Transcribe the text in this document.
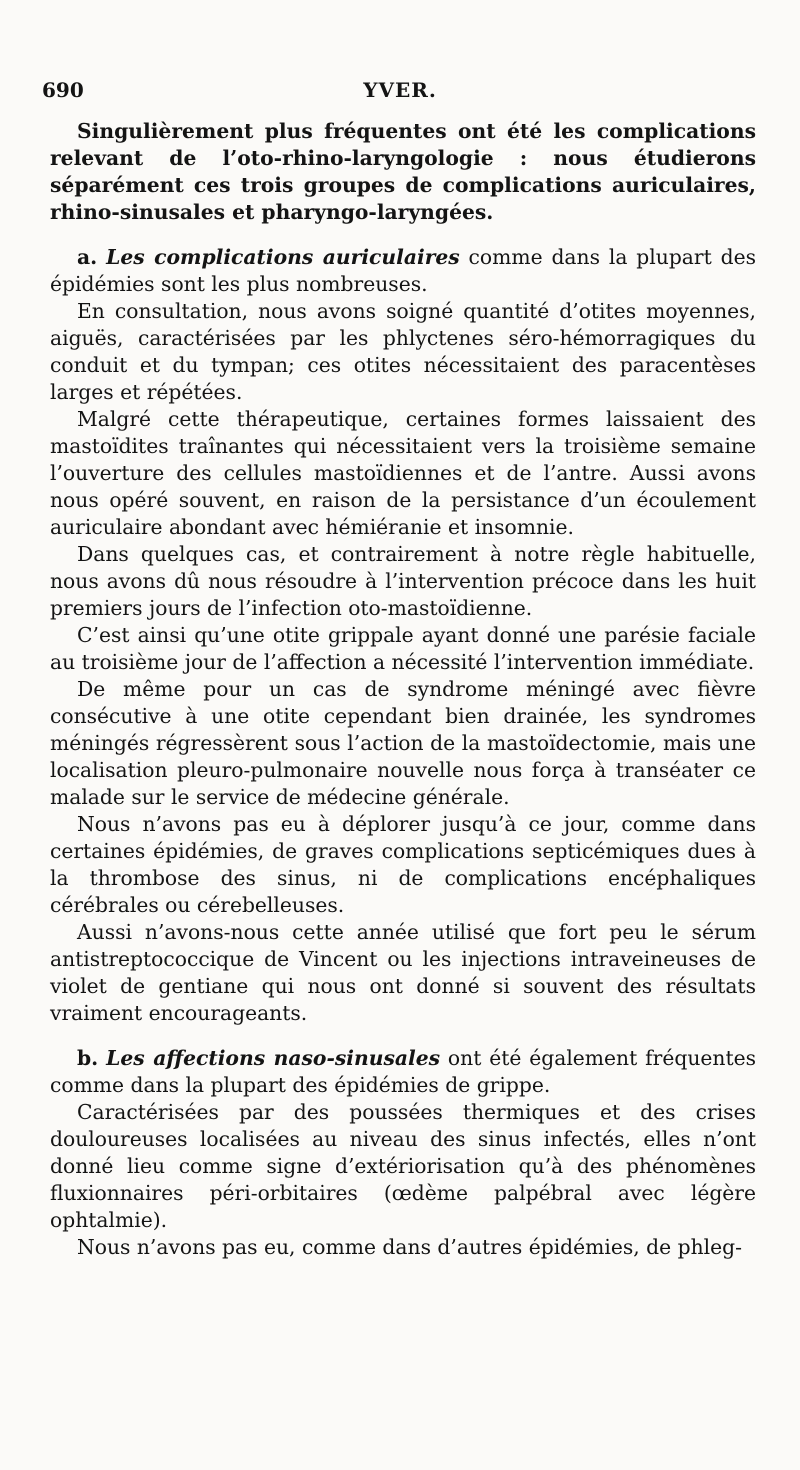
690	YVER.

Singulièrement plus fréquentes ont été les complications relevant de l’oto-rhino-laryngologie : nous étudierons séparément ces trois groupes de complications auriculaires, rhino-sinusales et pharyngo-laryngées.

a. Les complications auriculaires comme dans la plupart des épidémies sont les plus nombreuses.

En consultation, nous avons soigné quantité d’otites moyennes, aiguës, caractérisées par les phlyctenes séro-hémorragiques du conduit et du tympan; ces otites nécessitaient des paracentèses larges et répétées.

Malgré cette thérapeutique, certaines formes laissaient des mastoïdites traînantes qui nécessitaient vers la troisième semaine l’ouverture des cellules mastoïdiennes et de l’antre. Aussi avons nous opéré souvent, en raison de la persistance d’un écoulement auriculaire abondant avec hémiéranie et insomnie.

Dans quelques cas, et contrairement à notre règle habituelle, nous avons dû nous résoudre à l’intervention précoce dans les huit premiers jours de l’infection oto-mastoïdienne.

C’est ainsi qu’une otite grippale ayant donné une parésie faciale au troisième jour de l’affection a nécessité l’intervention immédiate.

De même pour un cas de syndrome méningé avec fièvre consécutive à une otite cependant bien drainée, les syndromes méningés régressèrent sous l’action de la mastoïdectomie, mais une localisation pleuro-pulmonaire nouvelle nous força à transéater ce malade sur le service de médecine générale.

Nous n’avons pas eu à déplorer jusqu’à ce jour, comme dans certaines épidémies, de graves complications septicémiques dues à la thrombose des sinus, ni de complications encéphaliques cérébrales ou cérebelleuses.

Aussi n’avons-nous cette année utilisé que fort peu le sérum antistreptococcique de Vincent ou les injections intraveineuses de violet de gentiane qui nous ont donné si souvent des résultats vraiment encourageants.

b. Les affections naso-sinusales ont été également fréquentes comme dans la plupart des épidémies de grippe.

Caractérisées par des poussées thermiques et des crises douloureuses localisées au niveau des sinus infectés, elles n’ont donné lieu comme signe d’extériorisation qu’à des phénomènes fluxionnaires péri-orbitaires (œdème palpébral avec légère ophtalmie).

Nous n’avons pas eu, comme dans d’autres épidémies, de phleg-
